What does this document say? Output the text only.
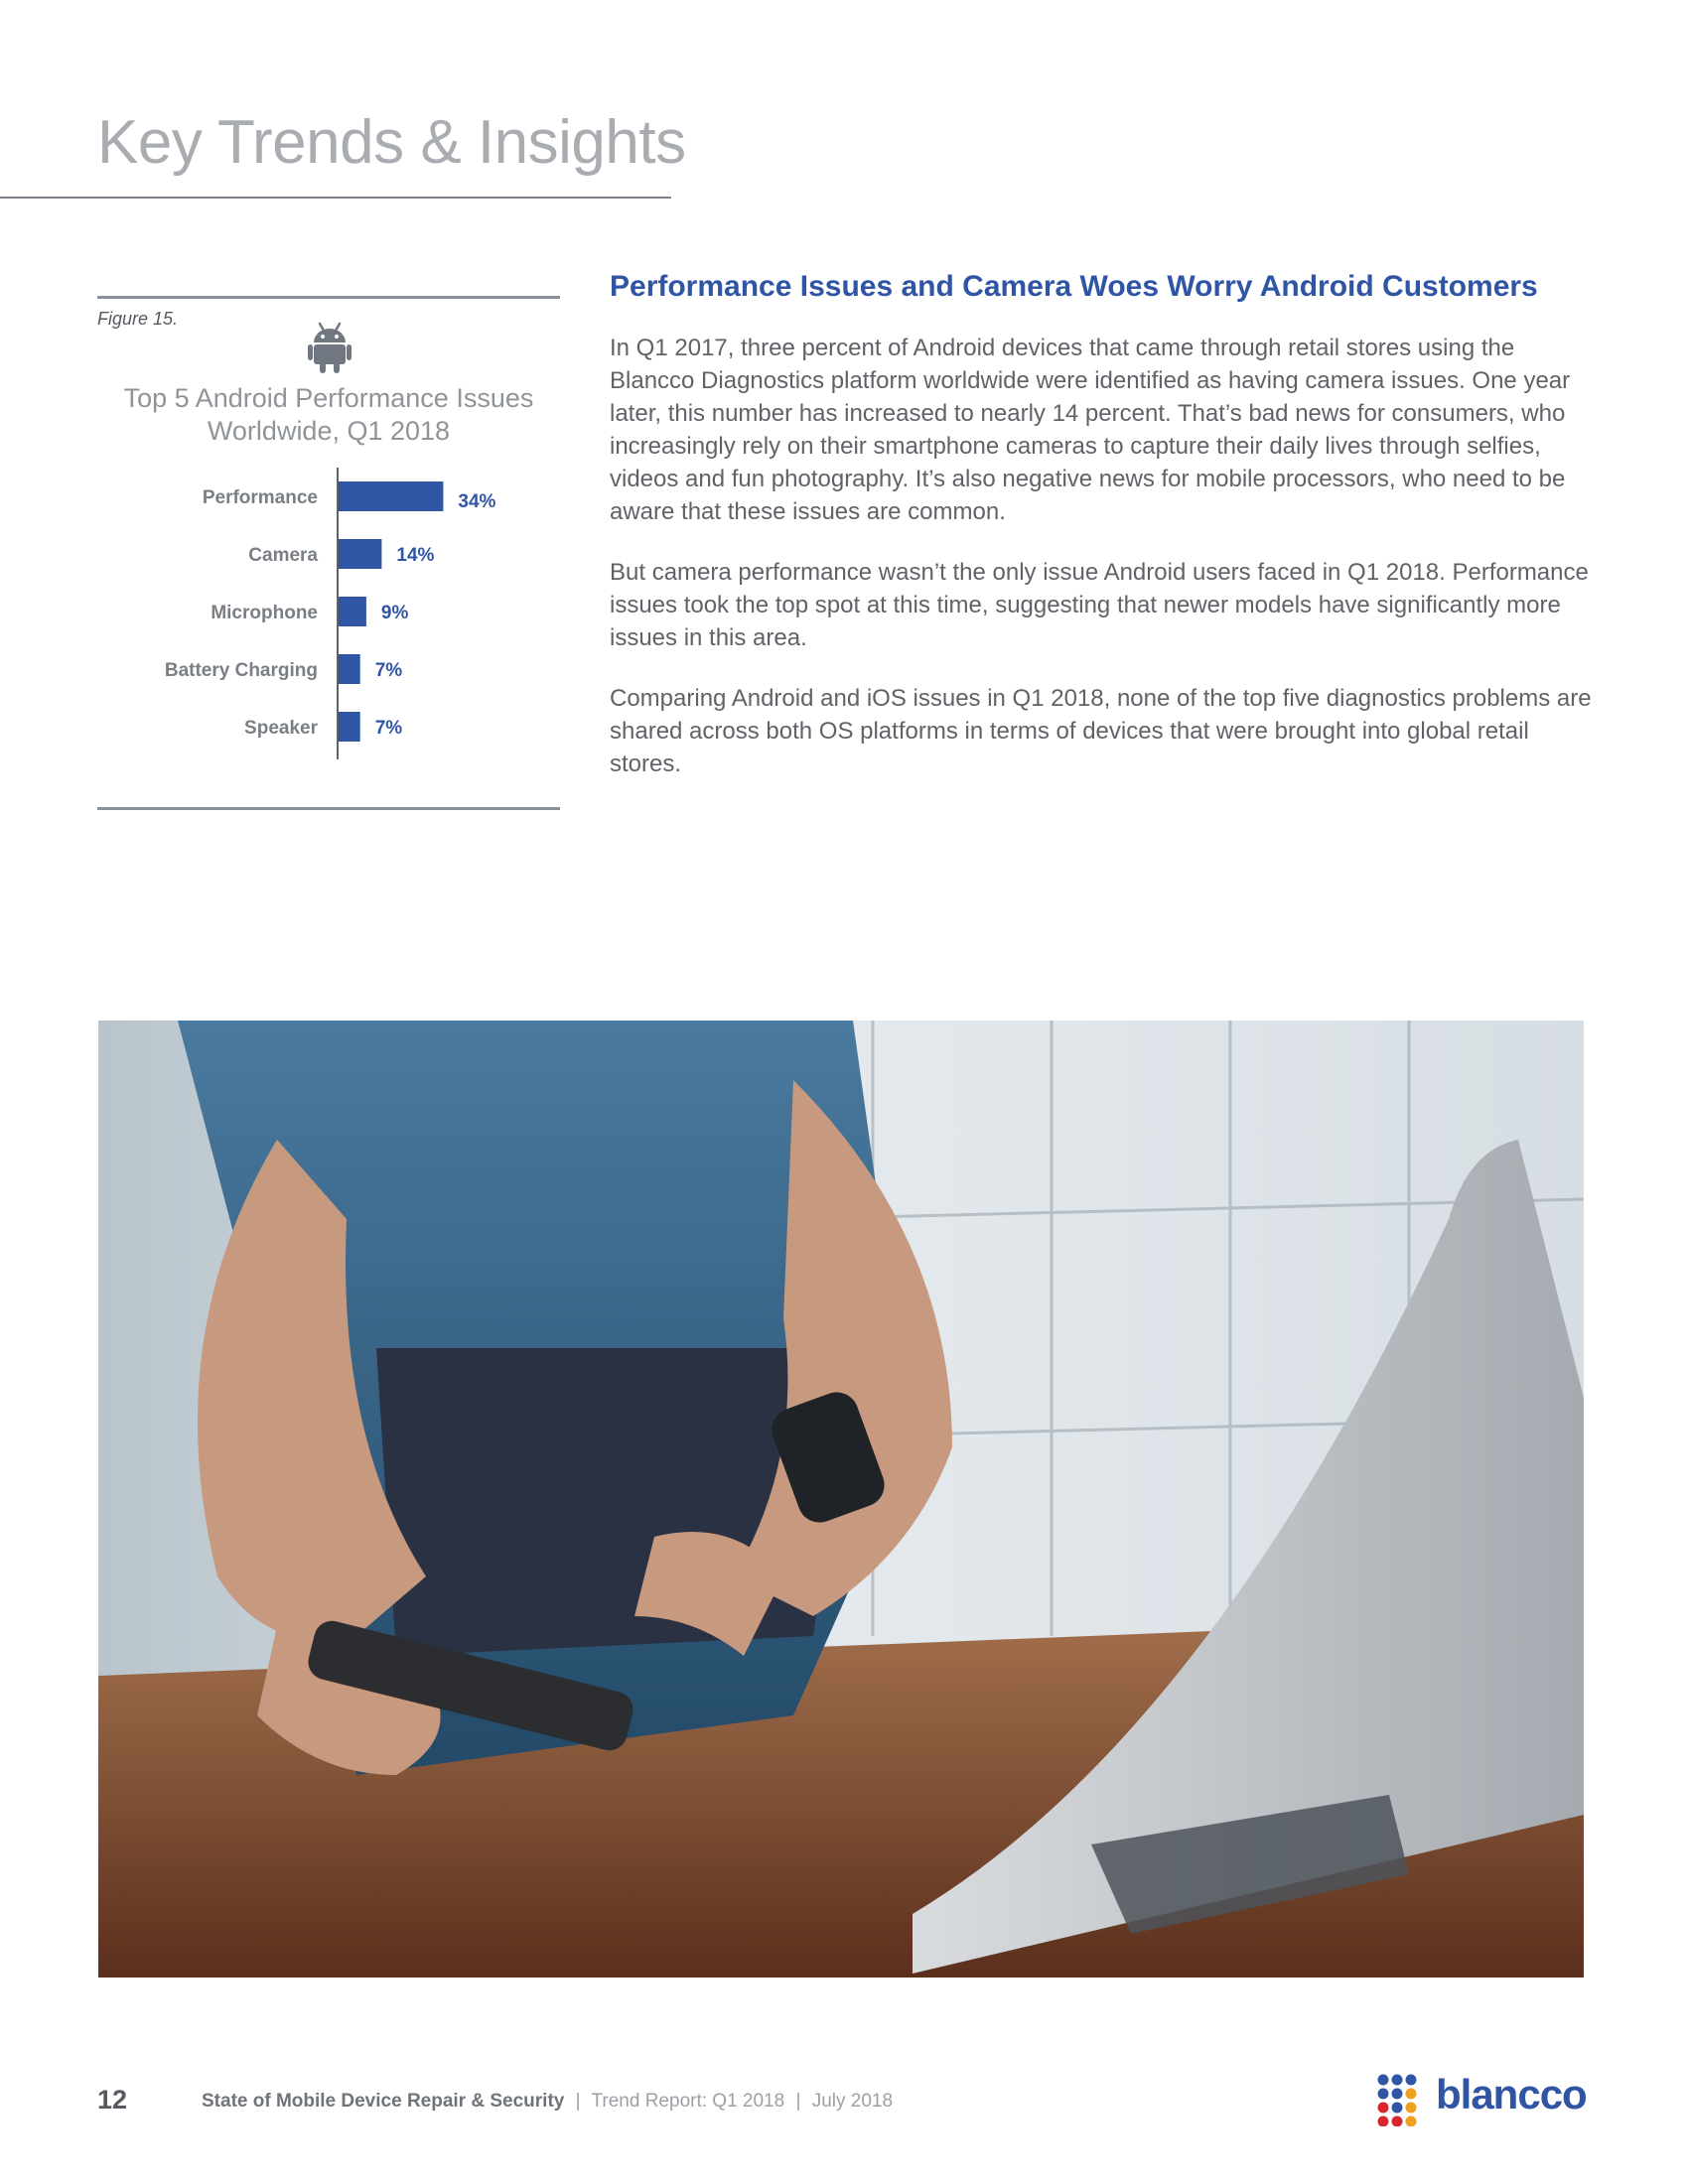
Key Trends & Insights
Figure 15.
Top 5 Android Performance Issues
Worldwide, Q1 2018
Performance	34%
Camera	14%
Microphone	9%
Battery Charging	7%
Speaker	7%
Performance Issues and Camera Woes Worry Android Customers

In Q1 2017, three percent of Android devices that came through retail stores using the Blancco Diagnostics platform worldwide were identified as having camera issues. One year later, this number has increased to nearly 14 percent. That’s bad news for consumers, who increasingly rely on their smartphone cameras to capture their daily lives through selfies, videos and fun photography. It’s also negative news for mobile processors, who need to be aware that these issues are common.

But camera performance wasn’t the only issue Android users faced in Q1 2018. Performance issues took the top spot at this time, suggesting that newer models have significantly more issues in this area.

Comparing Android and iOS issues in Q1 2018, none of the top five diagnostics problems are shared across both OS platforms in terms of devices that were brought into global retail stores.

12	State of Mobile Device Repair & Security | Trend Report: Q1 2018 | July 2018	blancco
